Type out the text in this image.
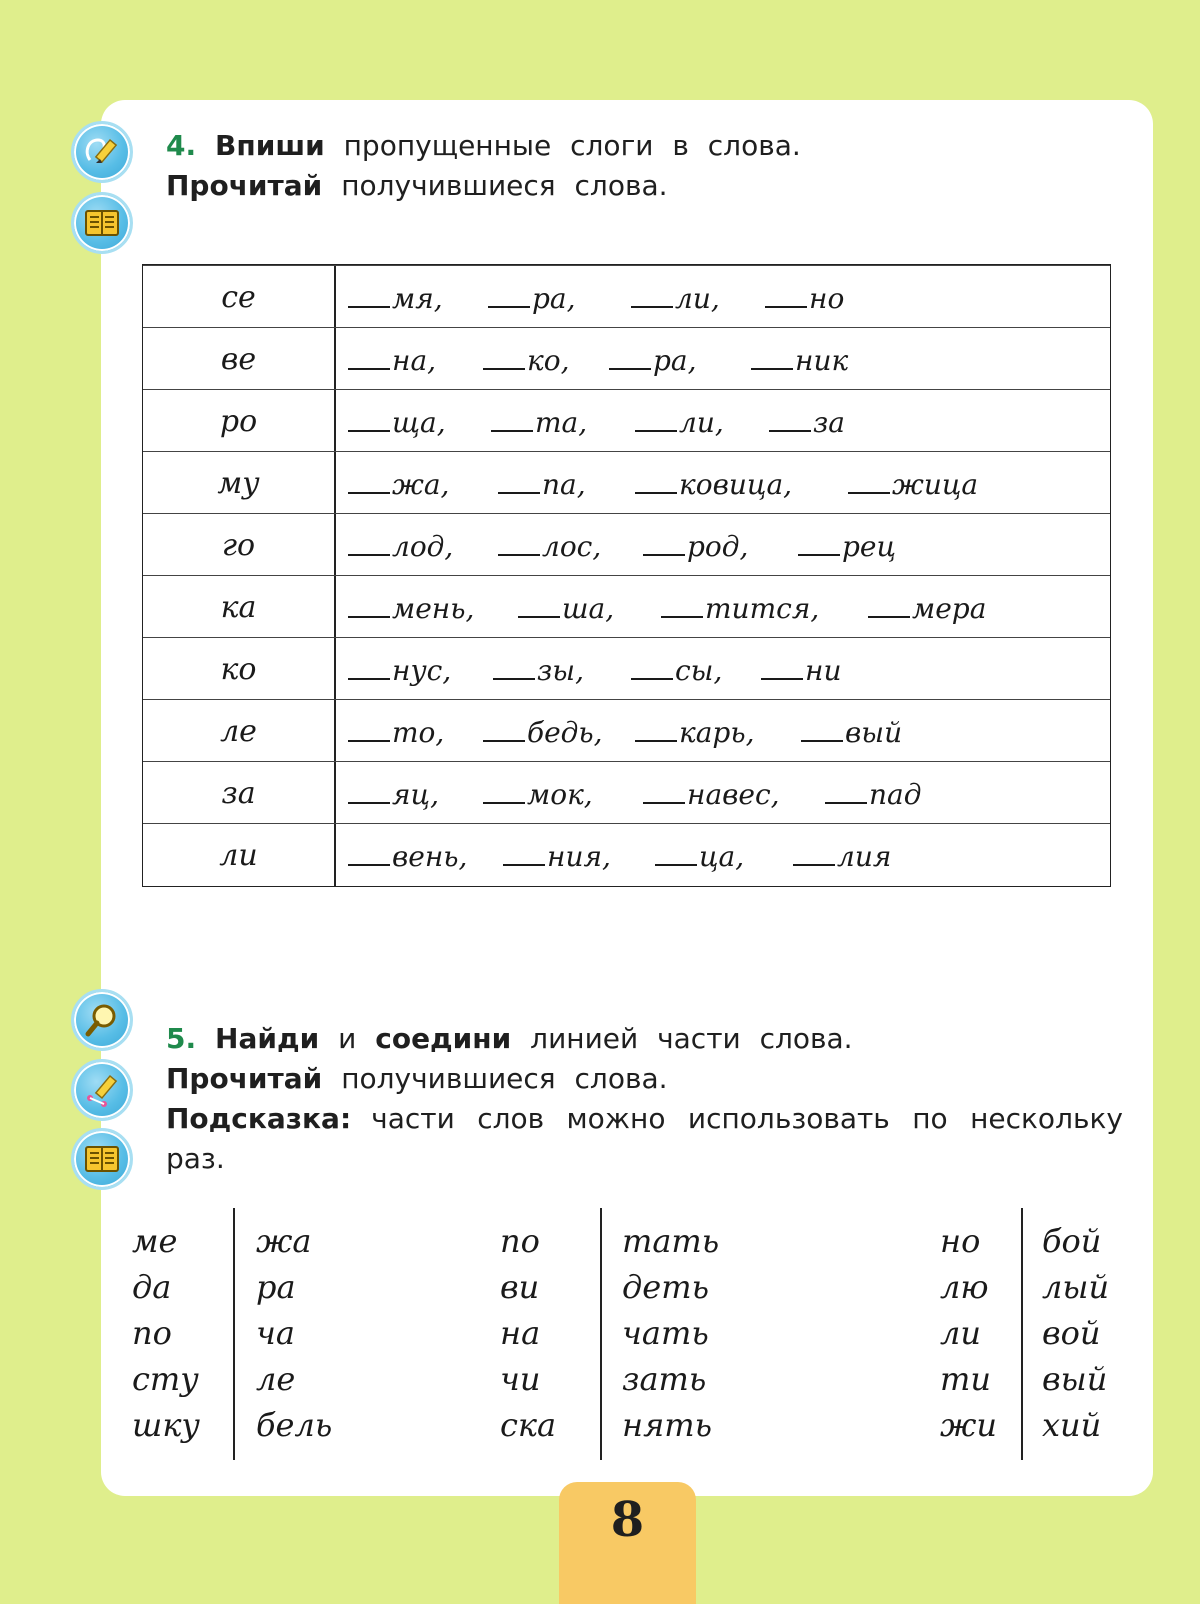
4. Впиши пропущенные слоги в слова.
Прочитай получившиеся слова.
се	мя,	ра,	ли,	но
ве	на,	ко,	ра,	ник
ро	ща,	та,	ли,	за
му	жа,	па,	ковица,	жица
го	лод,	лос,	род,	рец
ка	мень,	ша,	тится,	мера
ко	нус,	зы,	сы,	ни
ле	то,	бедь,	карь,	вый
за	яц,	мок,	навес,	пад
ли	вень,	ния,	ца,	лия
5. Найди и соедини линией части слова.
Прочитай получившиеся слова.
Подсказка: части слов можно использовать по нескольку
раз.
ме
да
по
сту
шку
жа
ра
ча
ле
бель
по
ви
на
чи
ска
тать
деть
чать
зать
нять
но
лю
ли
ти
жи
бой
лый
вой
вый
хий
8
